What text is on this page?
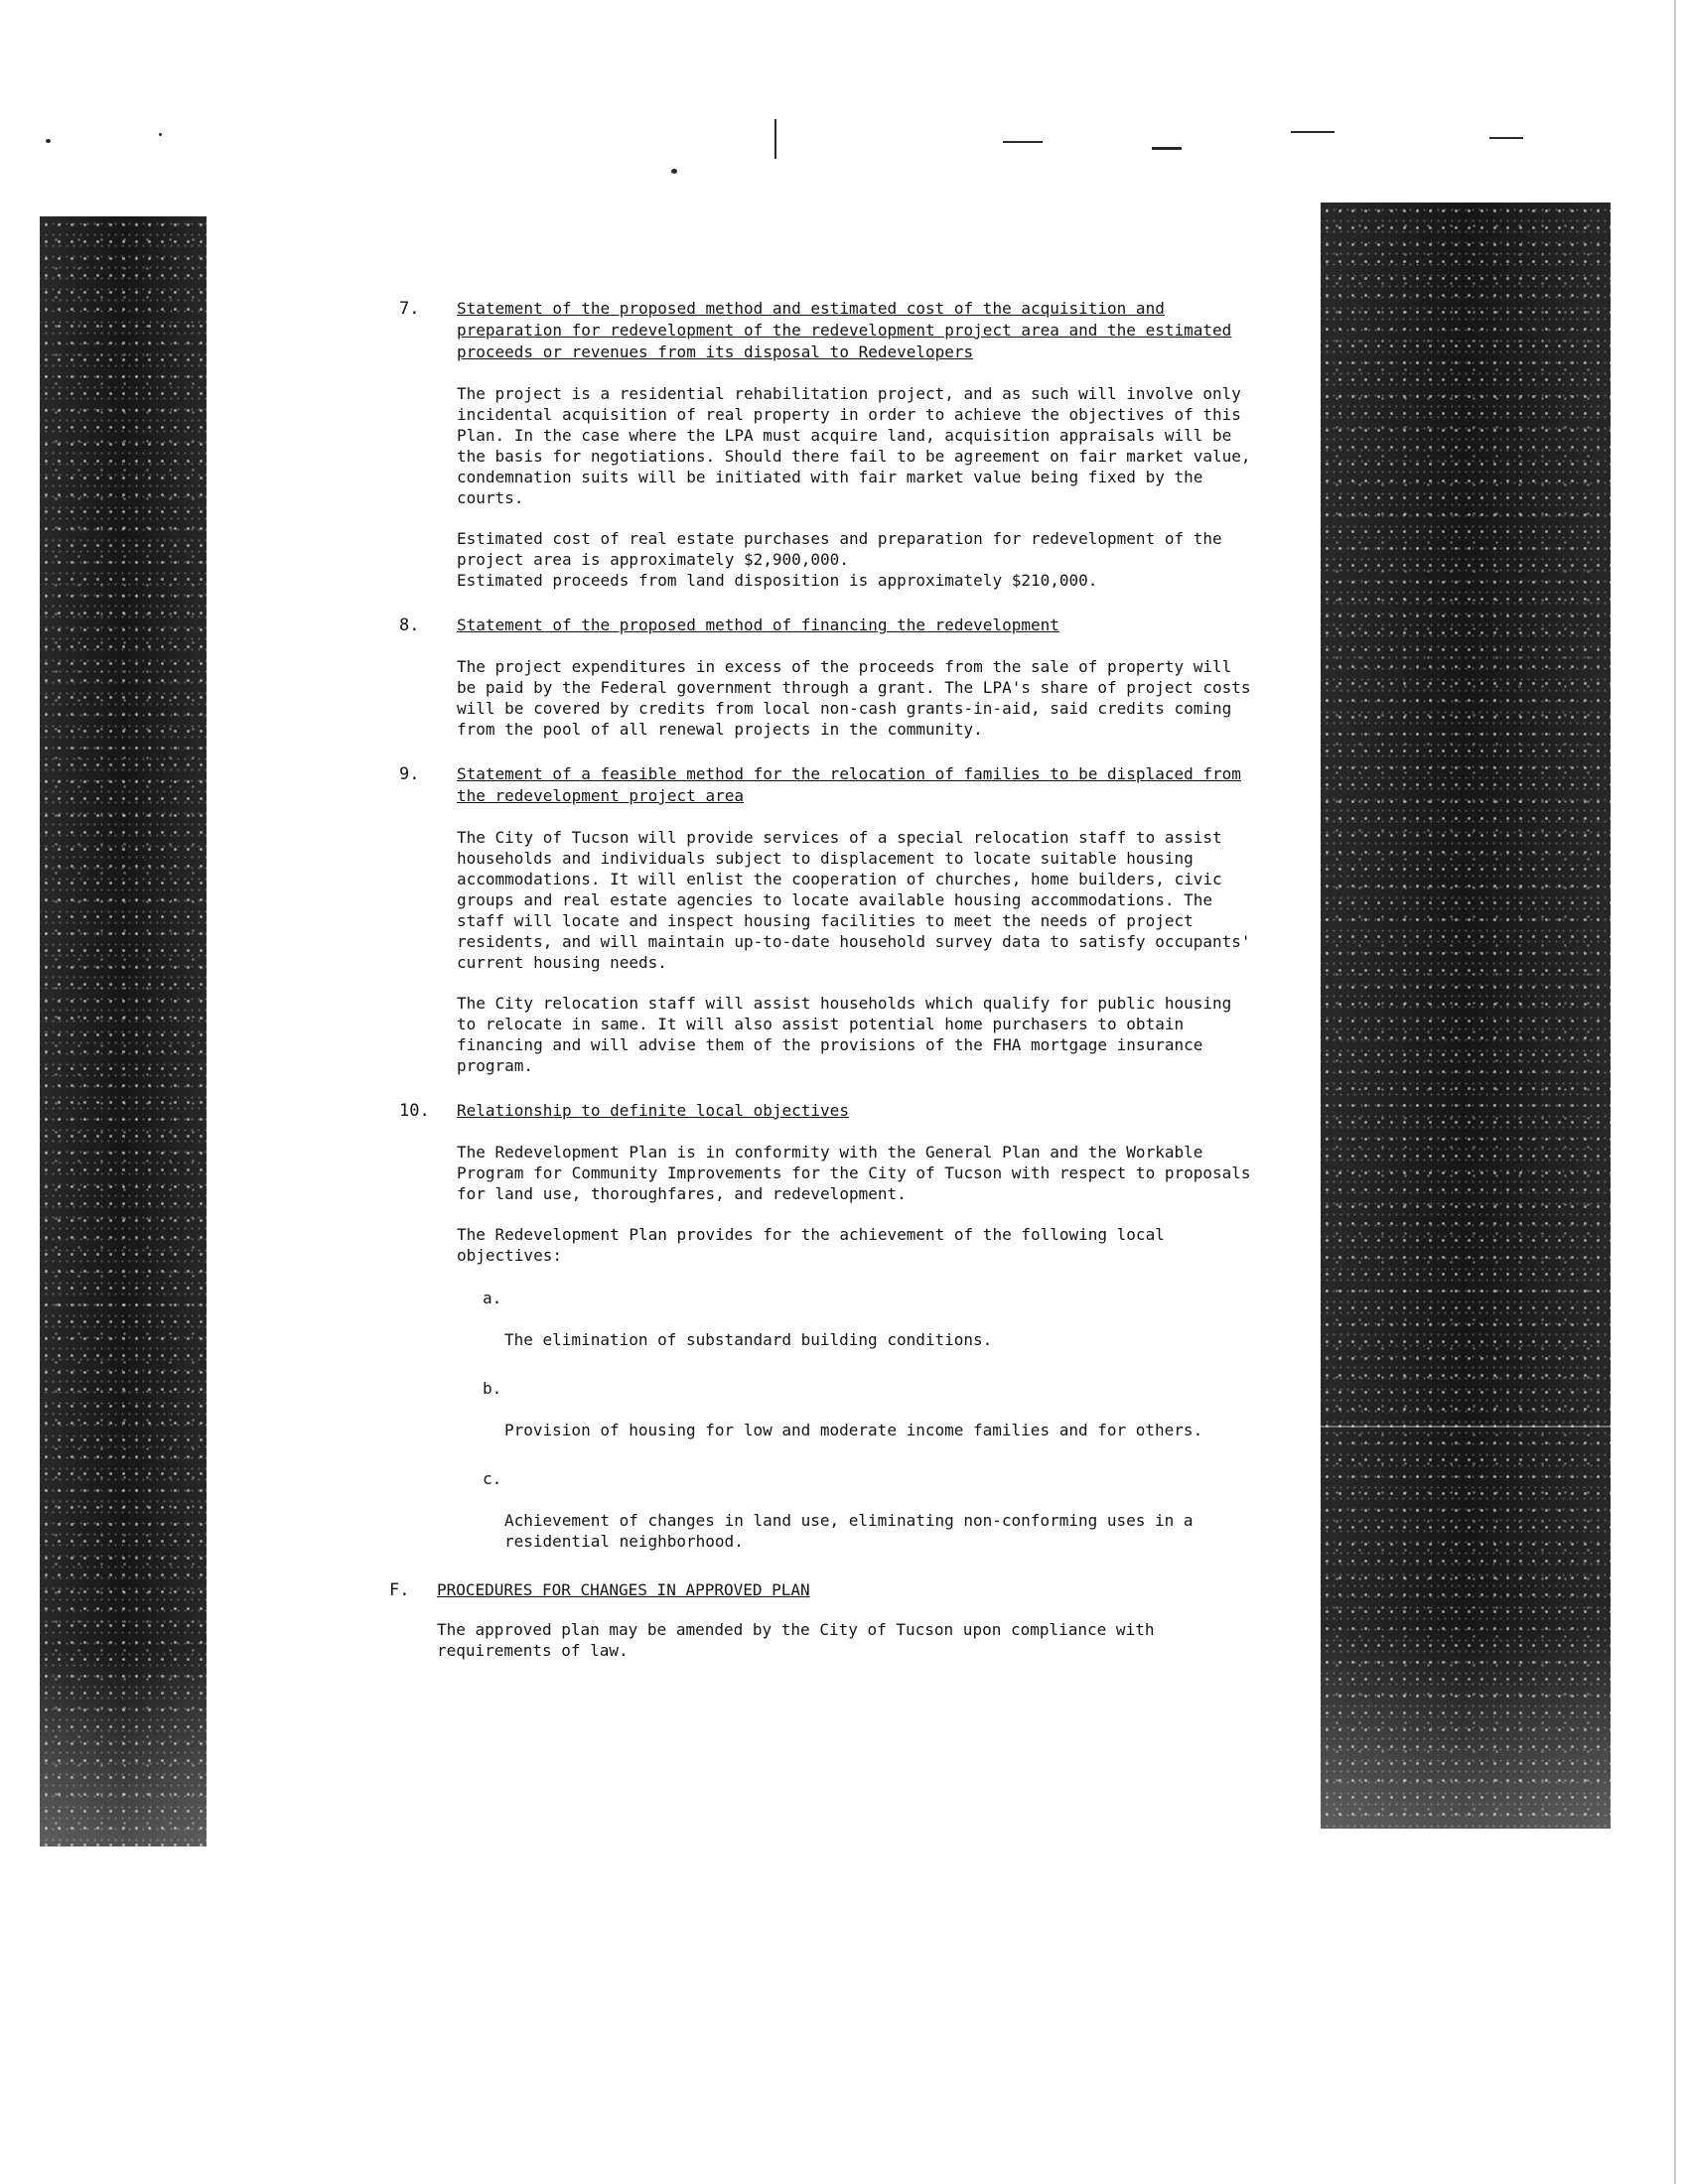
7. Statement of the proposed method and estimated cost of the acquisition and preparation for redevelopment of the redevelopment project area and the estimated proceeds or revenues from its disposal to Redevelopers

The project is a residential rehabilitation project, and as such will involve only incidental acquisition of real property in order to achieve the objectives of this Plan. In the case where the LPA must acquire land, acquisition appraisals will be the basis for negotiations. Should there fail to be agreement on fair market value, condemnation suits will be initiated with fair market value being fixed by the courts.

Estimated cost of real estate purchases and preparation for redevelopment of the project area is approximately $2,900,000.
Estimated proceeds from land disposition is approximately $210,000.

8. Statement of the proposed method of financing the redevelopment

The project expenditures in excess of the proceeds from the sale of property will be paid by the Federal government through a grant. The LPA's share of project costs will be covered by credits from local non-cash grants-in-aid, said credits coming from the pool of all renewal projects in the community.

9. Statement of a feasible method for the relocation of families to be displaced from the redevelopment project area

The City of Tucson will provide services of a special relocation staff to assist households and individuals subject to displacement to locate suitable housing accommodations. It will enlist the cooperation of churches, home builders, civic groups and real estate agencies to locate available housing accommodations. The staff will locate and inspect housing facilities to meet the needs of project residents, and will maintain up-to-date household survey data to satisfy occupants' current housing needs.

The City relocation staff will assist households which qualify for public housing to relocate in same. It will also assist potential home purchasers to obtain financing and will advise them of the provisions of the FHA mortgage insurance program.

10. Relationship to definite local objectives

The Redevelopment Plan is in conformity with the General Plan and the Workable Program for Community Improvements for the City of Tucson with respect to proposals for land use, thoroughfares, and redevelopment.

The Redevelopment Plan provides for the achievement of the following local objectives:

a.

The elimination of substandard building conditions.

b.

Provision of housing for low and moderate income families and for others.

c.

Achievement of changes in land use, eliminating non-conforming uses in a residential neighborhood.

F. PROCEDURES FOR CHANGES IN APPROVED PLAN

The approved plan may be amended by the City of Tucson upon compliance with requirements of law.
